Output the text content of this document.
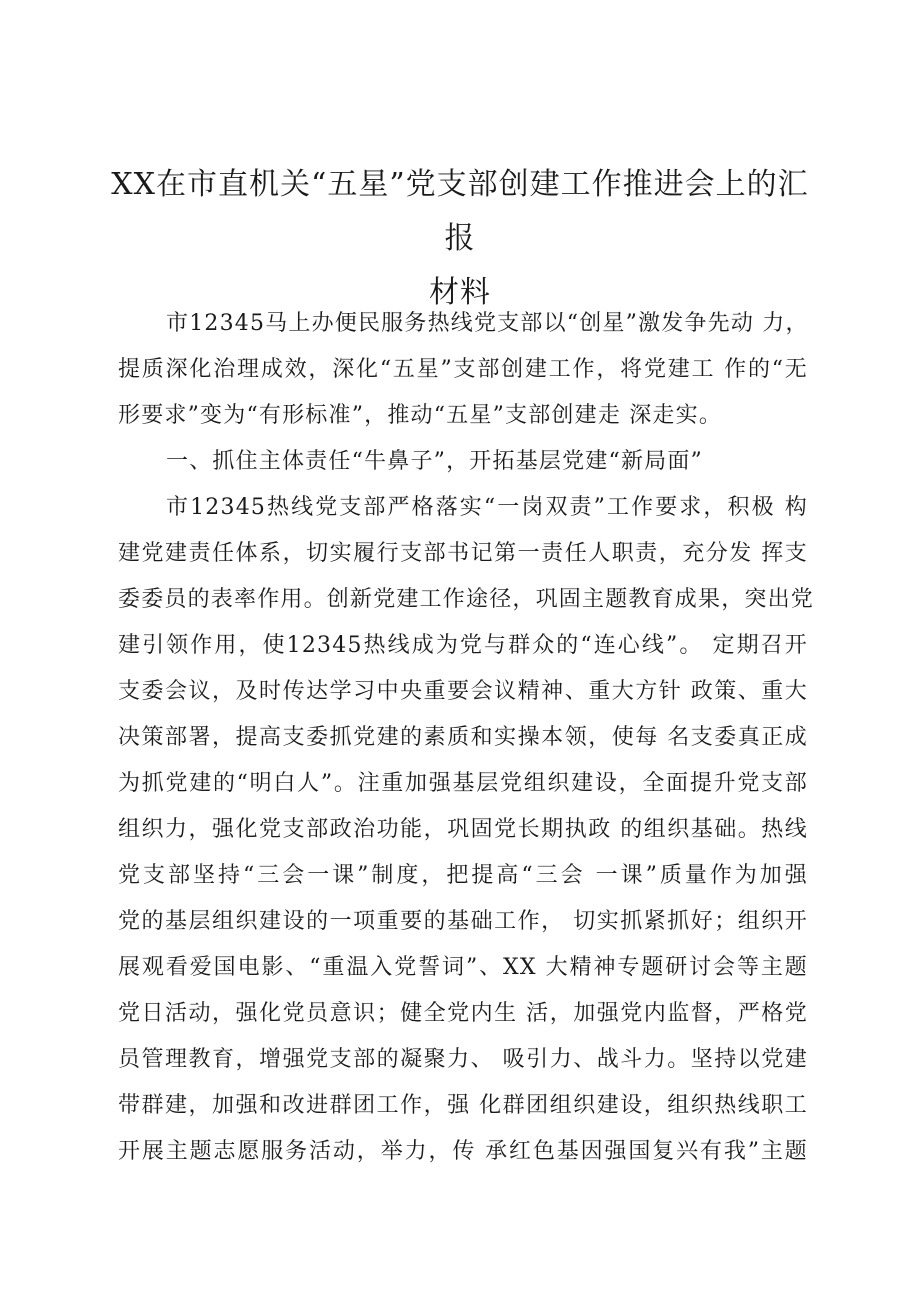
XX在市直机关“五星”党支部创建工作推进会上的汇报
材料
市12345马上办便民服务热线党支部以“创星”激发争先动 力，
提质深化治理成效，深化“五星”支部创建工作，将党建工 作的“无
形要求”变为“有形标准”，推动“五星”支部创建走 深走实。
一、抓住主体责任“牛鼻子”，开拓基层党建“新局面”
市12345热线党支部严格落实“一岗双责”工作要求，积极 构
建党建责任体系，切实履行支部书记第一责任人职责，充分发 挥支
委委员的表率作用。创新党建工作途径，巩固主题教育成果，突出党
建引领作用，使12345热线成为党与群众的“连心线”。 定期召开
支委会议，及时传达学习中央重要会议精神、重大方针 政策、重大
决策部署，提高支委抓党建的素质和实操本领，使每 名支委真正成
为抓党建的“明白人”。注重加强基层党组织建设，全面提升党支部
组织力，强化党支部政治功能，巩固党长期执政 的组织基础。热线
党支部坚持“三会一课”制度，把提高“三会 一课”质量作为加强
党的基层组织建设的一项重要的基础工作， 切实抓紧抓好；组织开
展观看爱国电影、“重温入党誓词”、XX 大精神专题研讨会等主题
党日活动，强化党员意识；健全党内生 活，加强党内监督，严格党
员管理教育，增强党支部的凝聚力、 吸引力、战斗力。坚持以党建
带群建，加强和改进群团工作，强 化群团组织建设，组织热线职工
开展主题志愿服务活动，举力，传 承红色基因强国复兴有我”主题
